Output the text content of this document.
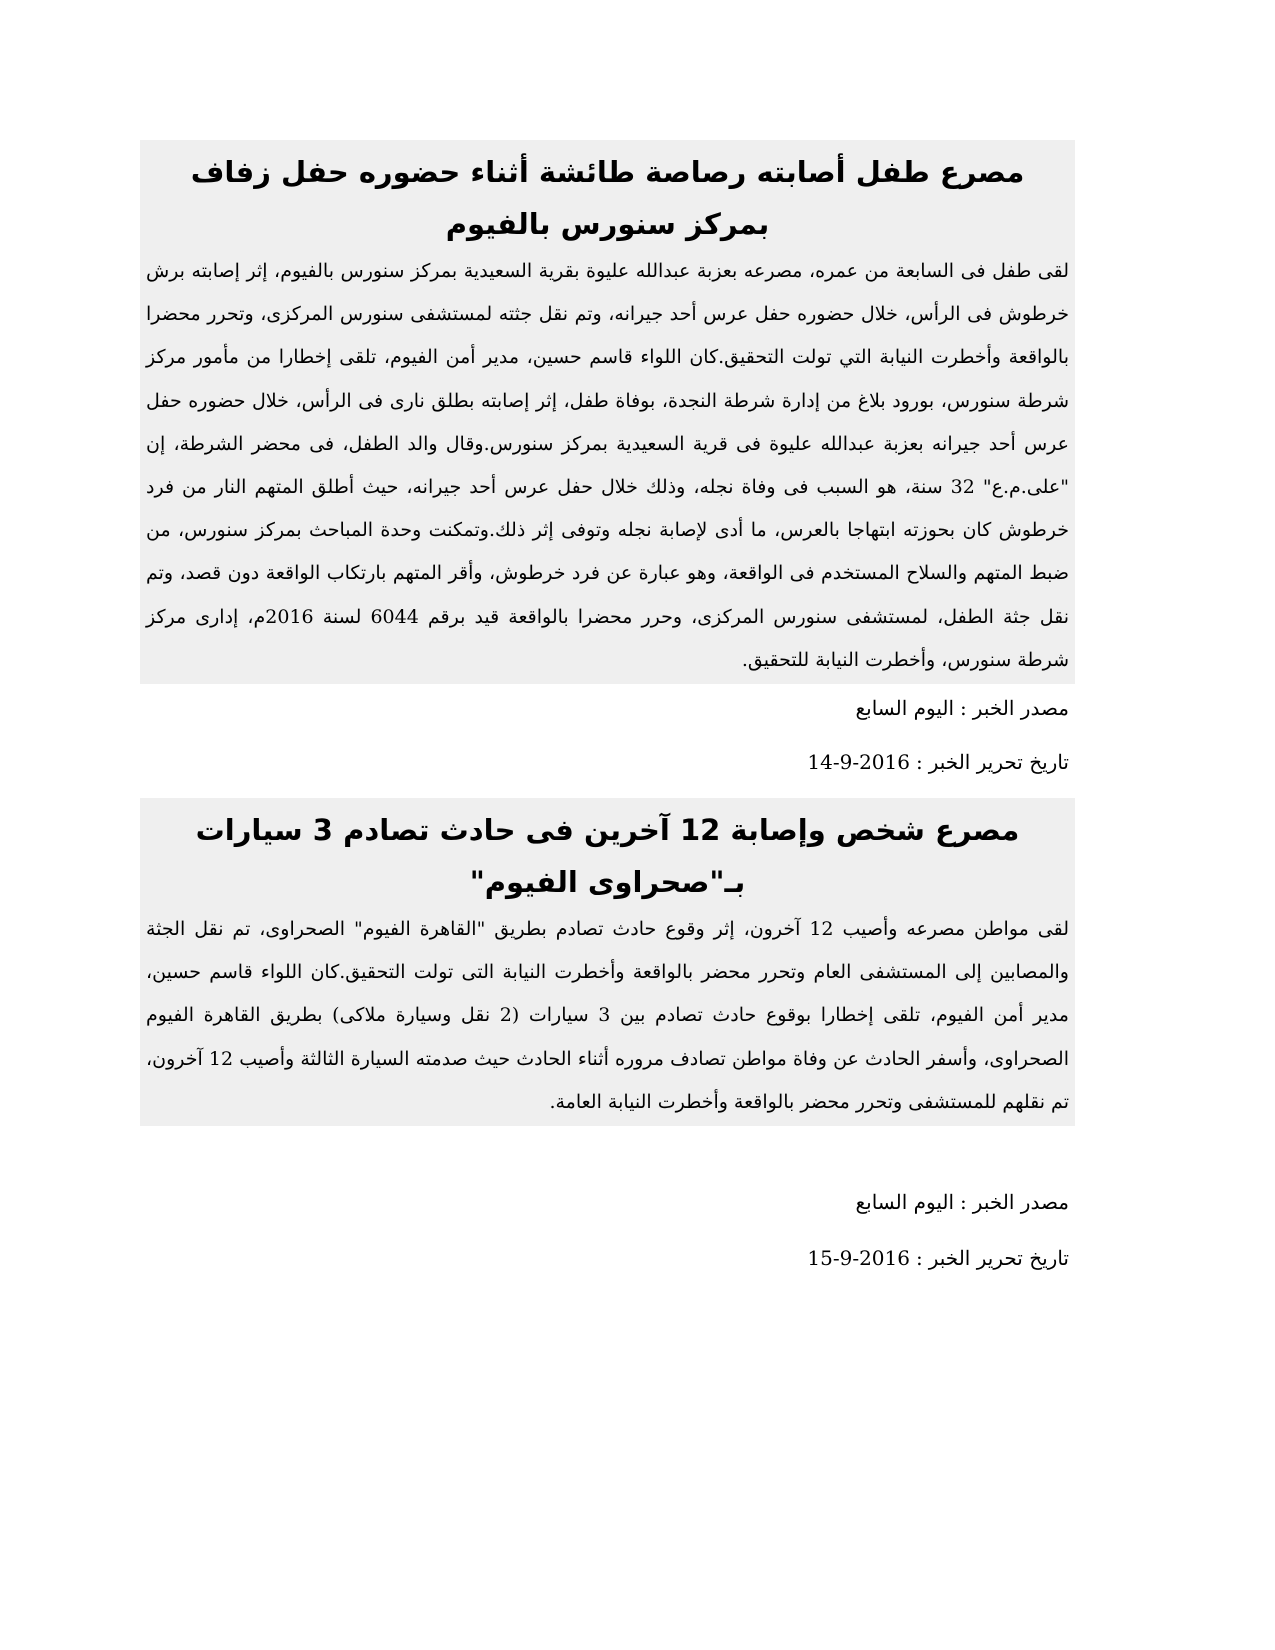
مصرع طفل أصابته رصاصة طائشة أثناء حضوره حفل زفاف بمركز سنورس بالفيوم

لقى طفل فى السابعة من عمره، مصرعه بعزبة عبدالله عليوة بقرية السعيدية بمركز سنورس بالفيوم، إثر إصابته برش خرطوش فى الرأس، خلال حضوره حفل عرس أحد جيرانه، وتم نقل جثته لمستشفى سنورس المركزى، وتحرر محضرا بالواقعة وأخطرت النيابة التي تولت التحقيق.كان اللواء قاسم حسين، مدير أمن الفيوم، تلقى إخطارا من مأمور مركز شرطة سنورس، بورود بلاغ من إدارة شرطة النجدة، بوفاة طفل، إثر إصابته بطلق نارى فى الرأس، خلال حضوره حفل عرس أحد جيرانه بعزبة عبدالله عليوة فى قرية السعيدية بمركز سنورس.وقال والد الطفل، فى محضر الشرطة، إن "على.م.ع" 32 سنة، هو السبب فى وفاة نجله، وذلك خلال حفل عرس أحد جيرانه، حيث أطلق المتهم النار من فرد خرطوش كان بحوزته ابتهاجا بالعرس، ما أدى لإصابة نجله وتوفى إثر ذلك.وتمكنت وحدة المباحث بمركز سنورس، من ضبط المتهم والسلاح المستخدم فى الواقعة، وهو عبارة عن فرد خرطوش، وأقر المتهم بارتكاب الواقعة دون قصد، وتم نقل جثة الطفل، لمستشفى سنورس المركزى، وحرر محضرا بالواقعة قيد برقم 6044 لسنة 2016م، إدارى مركز شرطة سنورس، وأخطرت النيابة للتحقيق.

مصدر الخبر:اليوم السابع

تاريخ تحرير الخبر:14-9-2016

مصرع شخص وإصابة 12 آخرين فى حادث تصادم 3 سيارات بـ"صحراوى الفيوم"

لقى مواطن مصرعه وأصيب 12 آخرون، إثر وقوع حادث تصادم بطريق "القاهرة الفيوم" الصحراوى، تم نقل الجثة والمصابين إلى المستشفى العام وتحرر محضر بالواقعة وأخطرت النيابة التى تولت التحقيق.كان اللواء قاسم حسين، مدير أمن الفيوم، تلقى إخطارا بوقوع حادث تصادم بين 3 سيارات (2 نقل وسيارة ملاكى) بطريق القاهرة الفيوم الصحراوى، وأسفر الحادث عن وفاة مواطن تصادف مروره أثناء الحادث حيث صدمته السيارة الثالثة وأصيب 12 آخرون، تم نقلهم للمستشفى وتحرر محضر بالواقعة وأخطرت النيابة العامة.

مصدر الخبر:اليوم السابع

تاريخ تحرير الخبر:15-9-2016
